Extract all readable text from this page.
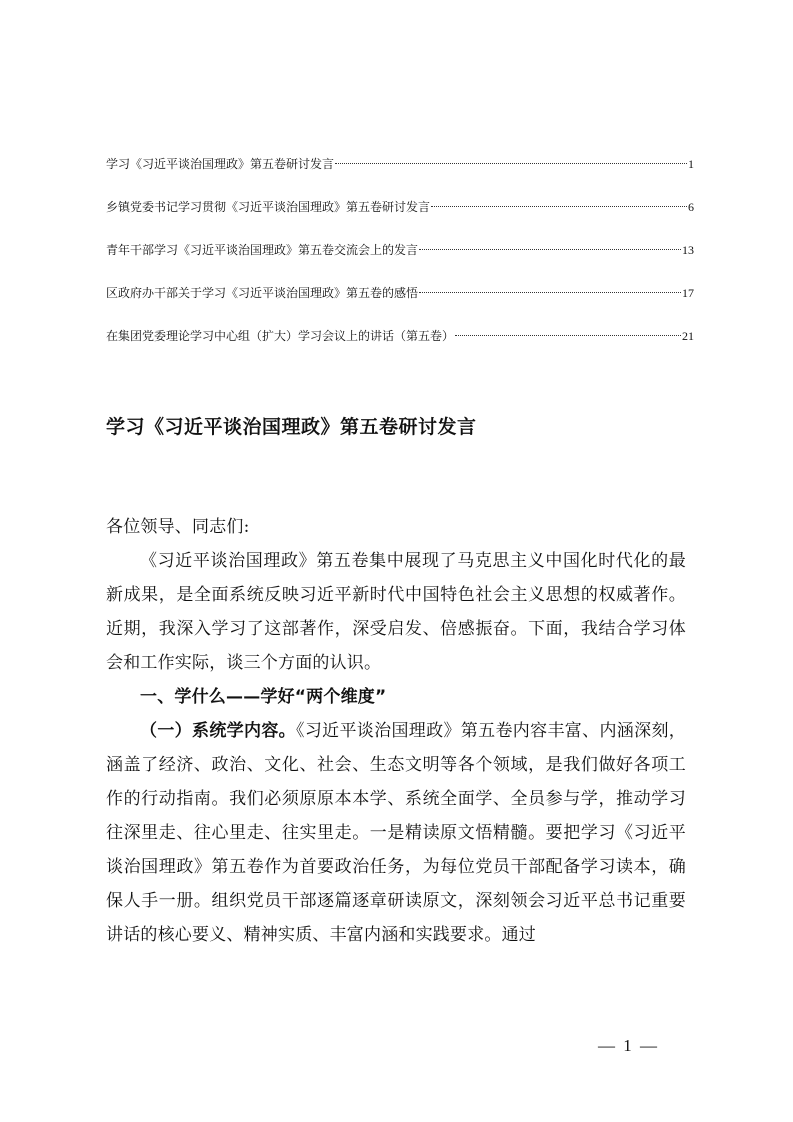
学习《习近平谈治国理政》第五卷研讨发言	1
乡镇党委书记学习贯彻《习近平谈治国理政》第五卷研讨发言	6
青年干部学习《习近平谈治国理政》第五卷交流会上的发言	13
区政府办干部关于学习《习近平谈治国理政》第五卷的感悟	17
在集团党委理论学习中心组（扩大）学习会议上的讲话（第五卷）	21
学习《习近平谈治国理政》第五卷研讨发言

各位领导、同志们:

《习近平谈治国理政》第五卷集中展现了马克思主义中国化时代化的最新成果，是全面系统反映习近平新时代中国特色社会主义思想的权威著作。近期，我深入学习了这部著作，深受启发、倍感振奋。下面，我结合学习体会和工作实际，谈三个方面的认识。

一、学什么——学好“两个维度”

（一）系统学内容。《习近平谈治国理政》第五卷内容丰富、内涵深刻，涵盖了经济、政治、文化、社会、生态文明等各个领域，是我们做好各项工作的行动指南。我们必须原原本本学、系统全面学、全员参与学，推动学习往深里走、往心里走、往实里走。一是精读原文悟精髓。要把学习《习近平谈治国理政》第五卷作为首要政治任务，为每位党员干部配备学习读本，确保人手一册。组织党员干部逐篇逐章研读原文，深刻领会习近平总书记重要讲话的核心要义、精神实质、丰富内涵和实践要求。通过

— 1 —
